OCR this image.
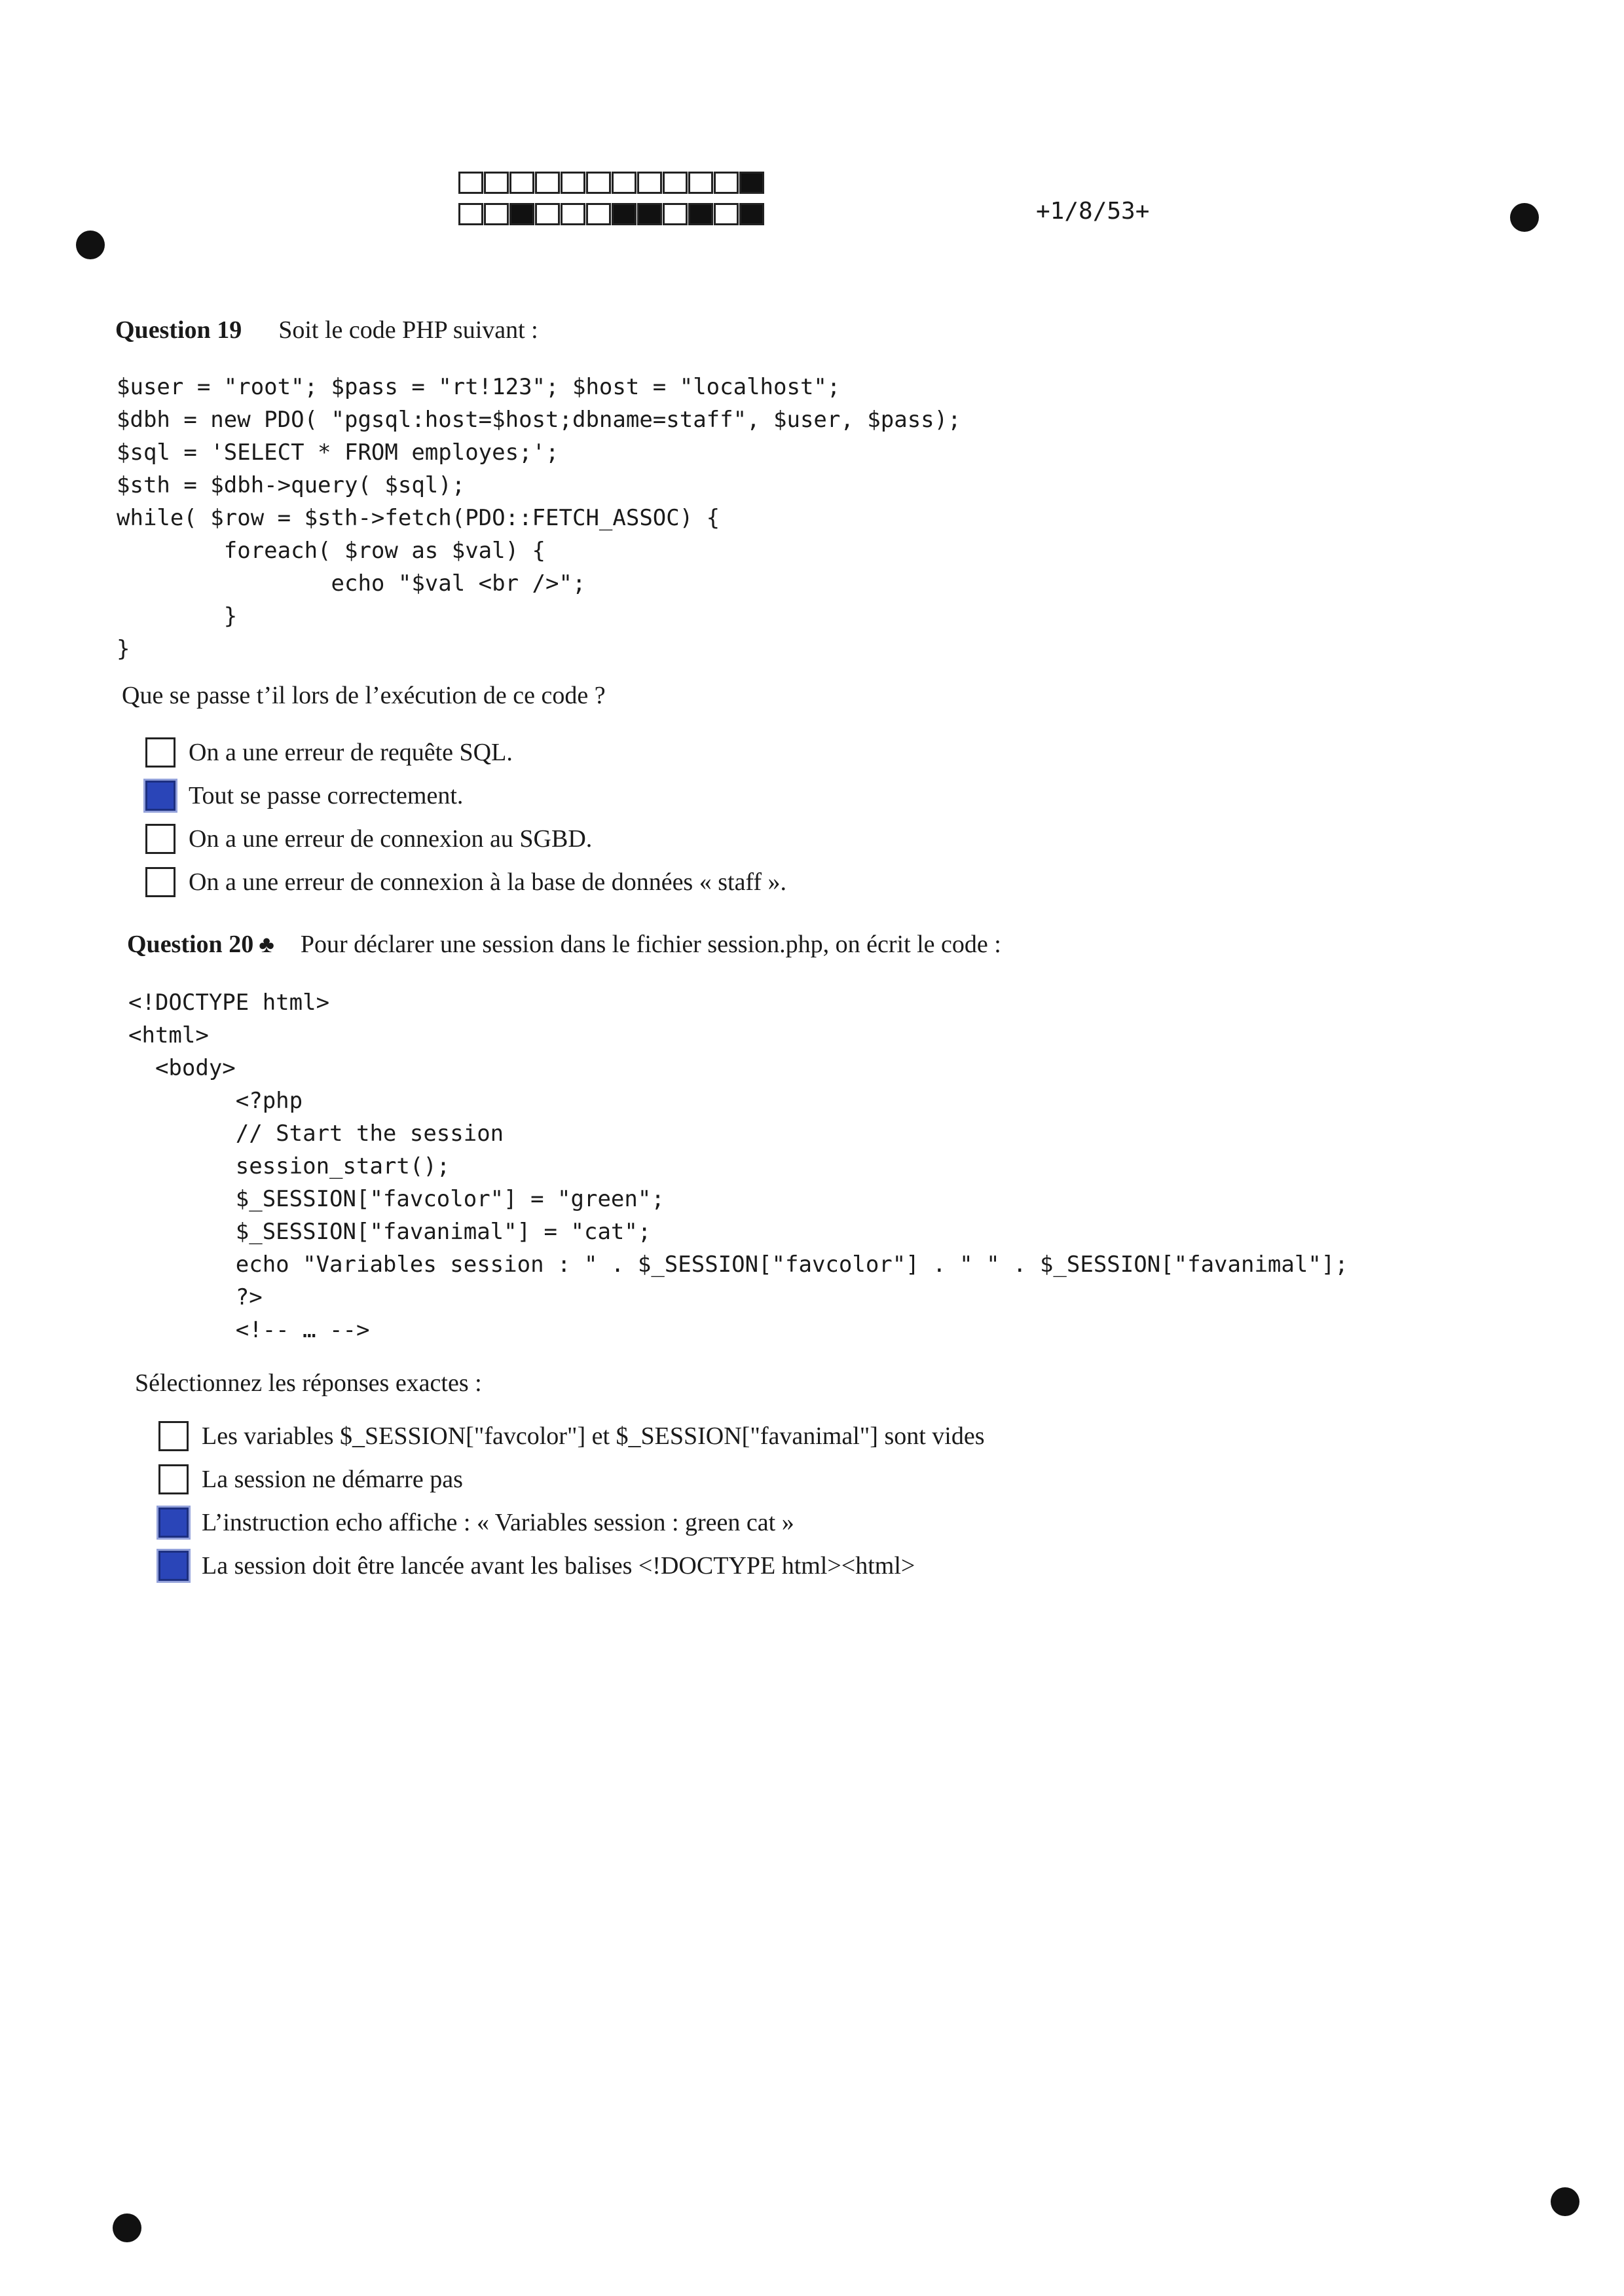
+1/8/53+
Question 19 Soit le code PHP suivant :
$user = "root"; $pass = "rt!123"; $host = "localhost";
$dbh = new PDO( "pgsql:host=$host;dbname=staff", $user, $pass);
$sql = 'SELECT * FROM employes;';
$sth = $dbh->query( $sql);
while( $row = $sth->fetch(PDO::FETCH_ASSOC) {
foreach( $row as $val) {
echo "$val <br />";
}
}
Que se passe t’il lors de l’exécution de ce code ?
On a une erreur de requête SQL.
Tout se passe correctement.
On a une erreur de connexion au SGBD.
On a une erreur de connexion à la base de données « staff ».
Question 20 ♣ Pour déclarer une session dans le fichier session.php, on écrit le code :
<!DOCTYPE html>
<html>
<body>
<?php
// Start the session
session_start();
$_SESSION["favcolor"] = "green";
$_SESSION["favanimal"] = "cat";
echo "Variables session : " . $_SESSION["favcolor"] . " " . $_SESSION["favanimal"];
?>
<!-- … -->
Sélectionnez les réponses exactes :
Les variables $_SESSION["favcolor"] et $_SESSION["favanimal"] sont vides
La session ne démarre pas
L’instruction echo affiche : « Variables session : green cat »
La session doit être lancée avant les balises <!DOCTYPE html><html>
